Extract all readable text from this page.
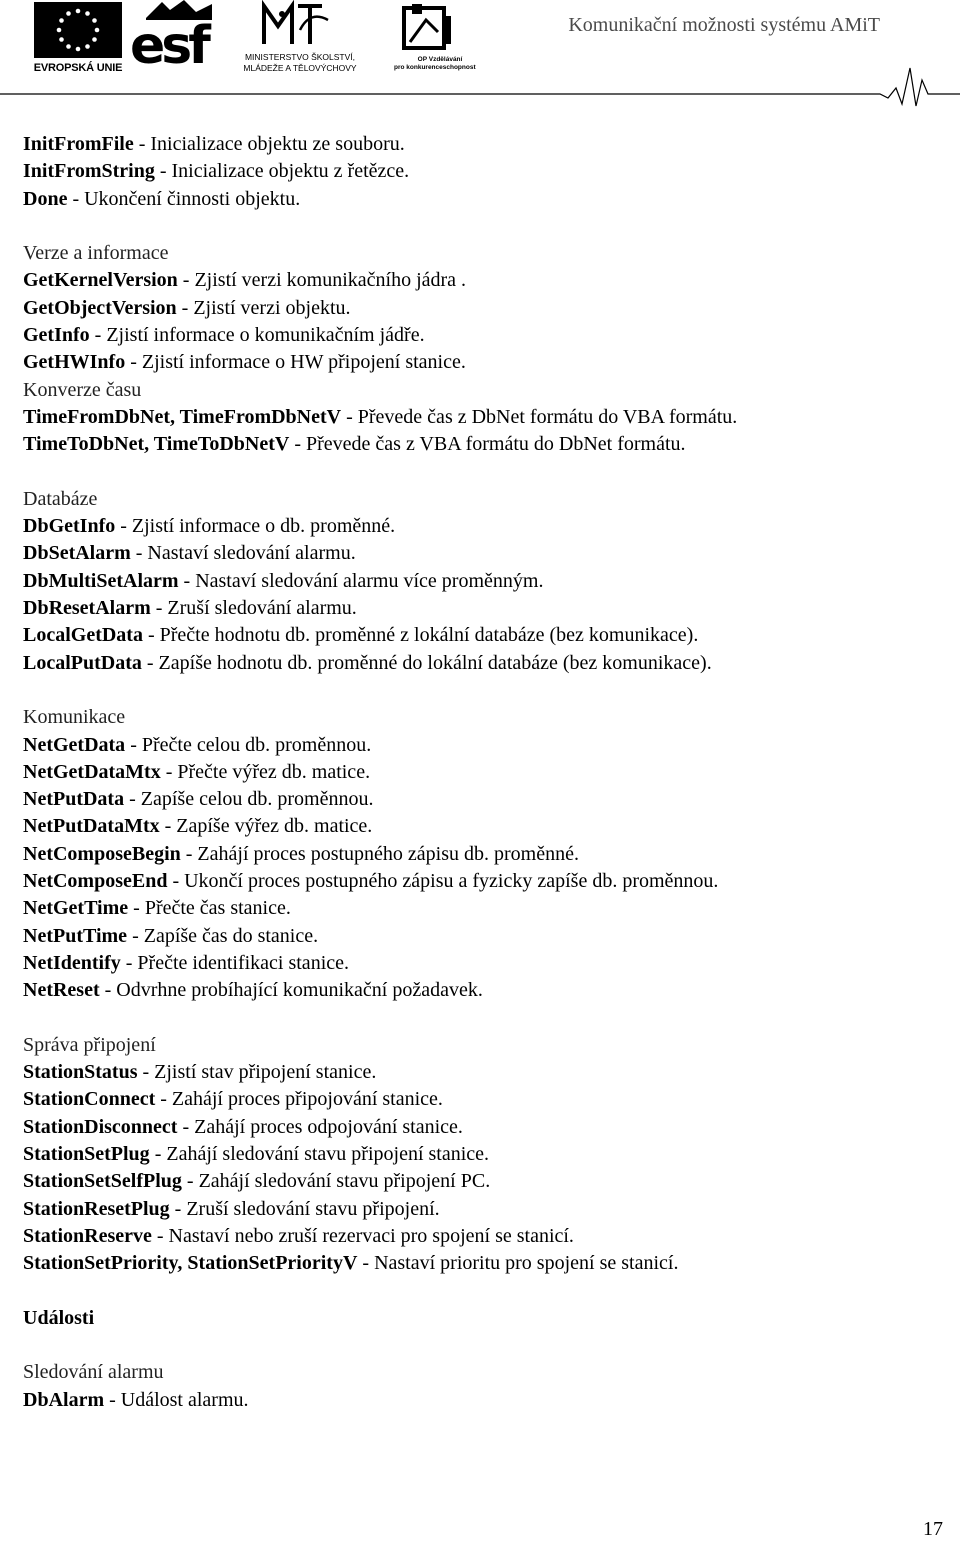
EVROPSKÁ UNIE esf	MINISTERSTVO ŠKOLSTVÍ,
MLÁDEŽE A TĚLOVÝCHOVY
OP Vzdělávání
pro konkurenceschopnost
Komunikační možnosti systému AMiT
InitFromFile - Inicializace objektu ze souboru.
InitFromString - Inicializace objektu z řetězce.
Done - Ukončení činnosti objektu.
Verze a informace
GetKernelVersion - Zjistí verzi komunikačního jádra .
GetObjectVersion - Zjistí verzi objektu.
GetInfo - Zjistí informace o komunikačním jádře.
GetHWInfo - Zjistí informace o HW připojení stanice.
Konverze času
TimeFromDbNet, TimeFromDbNetV - Převede čas z DbNet formátu do VBA formátu.
TimeToDbNet, TimeToDbNetV - Převede čas z VBA formátu do DbNet formátu.
Databáze
DbGetInfo - Zjistí informace o db. proměnné.
DbSetAlarm - Nastaví sledování alarmu.
DbMultiSetAlarm - Nastaví sledování alarmu více proměnným.
DbResetAlarm - Zruší sledování alarmu.
LocalGetData - Přečte hodnotu db. proměnné z lokální databáze (bez komunikace).
LocalPutData - Zapíše hodnotu db. proměnné do lokální databáze (bez komunikace).
Komunikace
NetGetData - Přečte celou db. proměnnou.
NetGetDataMtx - Přečte výřez db. matice.
NetPutData - Zapíše celou db. proměnnou.
NetPutDataMtx - Zapíše výřez db. matice.
NetComposeBegin - Zahájí proces postupného zápisu db. proměnné.
NetComposeEnd - Ukončí proces postupného zápisu a fyzicky zapíše db. proměnnou.
NetGetTime - Přečte čas stanice.
NetPutTime - Zapíše čas do stanice.
NetIdentify - Přečte identifikaci stanice.
NetReset - Odvrhne probíhající komunikační požadavek.
Správa připojení
StationStatus - Zjistí stav připojení stanice.
StationConnect - Zahájí proces připojování stanice.
StationDisconnect - Zahájí proces odpojování stanice.
StationSetPlug - Zahájí sledování stavu připojení stanice.
StationSetSelfPlug - Zahájí sledování stavu připojení PC.
StationResetPlug - Zruší sledování stavu připojení.
StationReserve - Nastaví nebo zruší rezervaci pro spojení se stanicí.
StationSetPriority, StationSetPriorityV - Nastaví prioritu pro spojení se stanicí.
Události
Sledování alarmu
DbAlarm - Událost alarmu.
17
